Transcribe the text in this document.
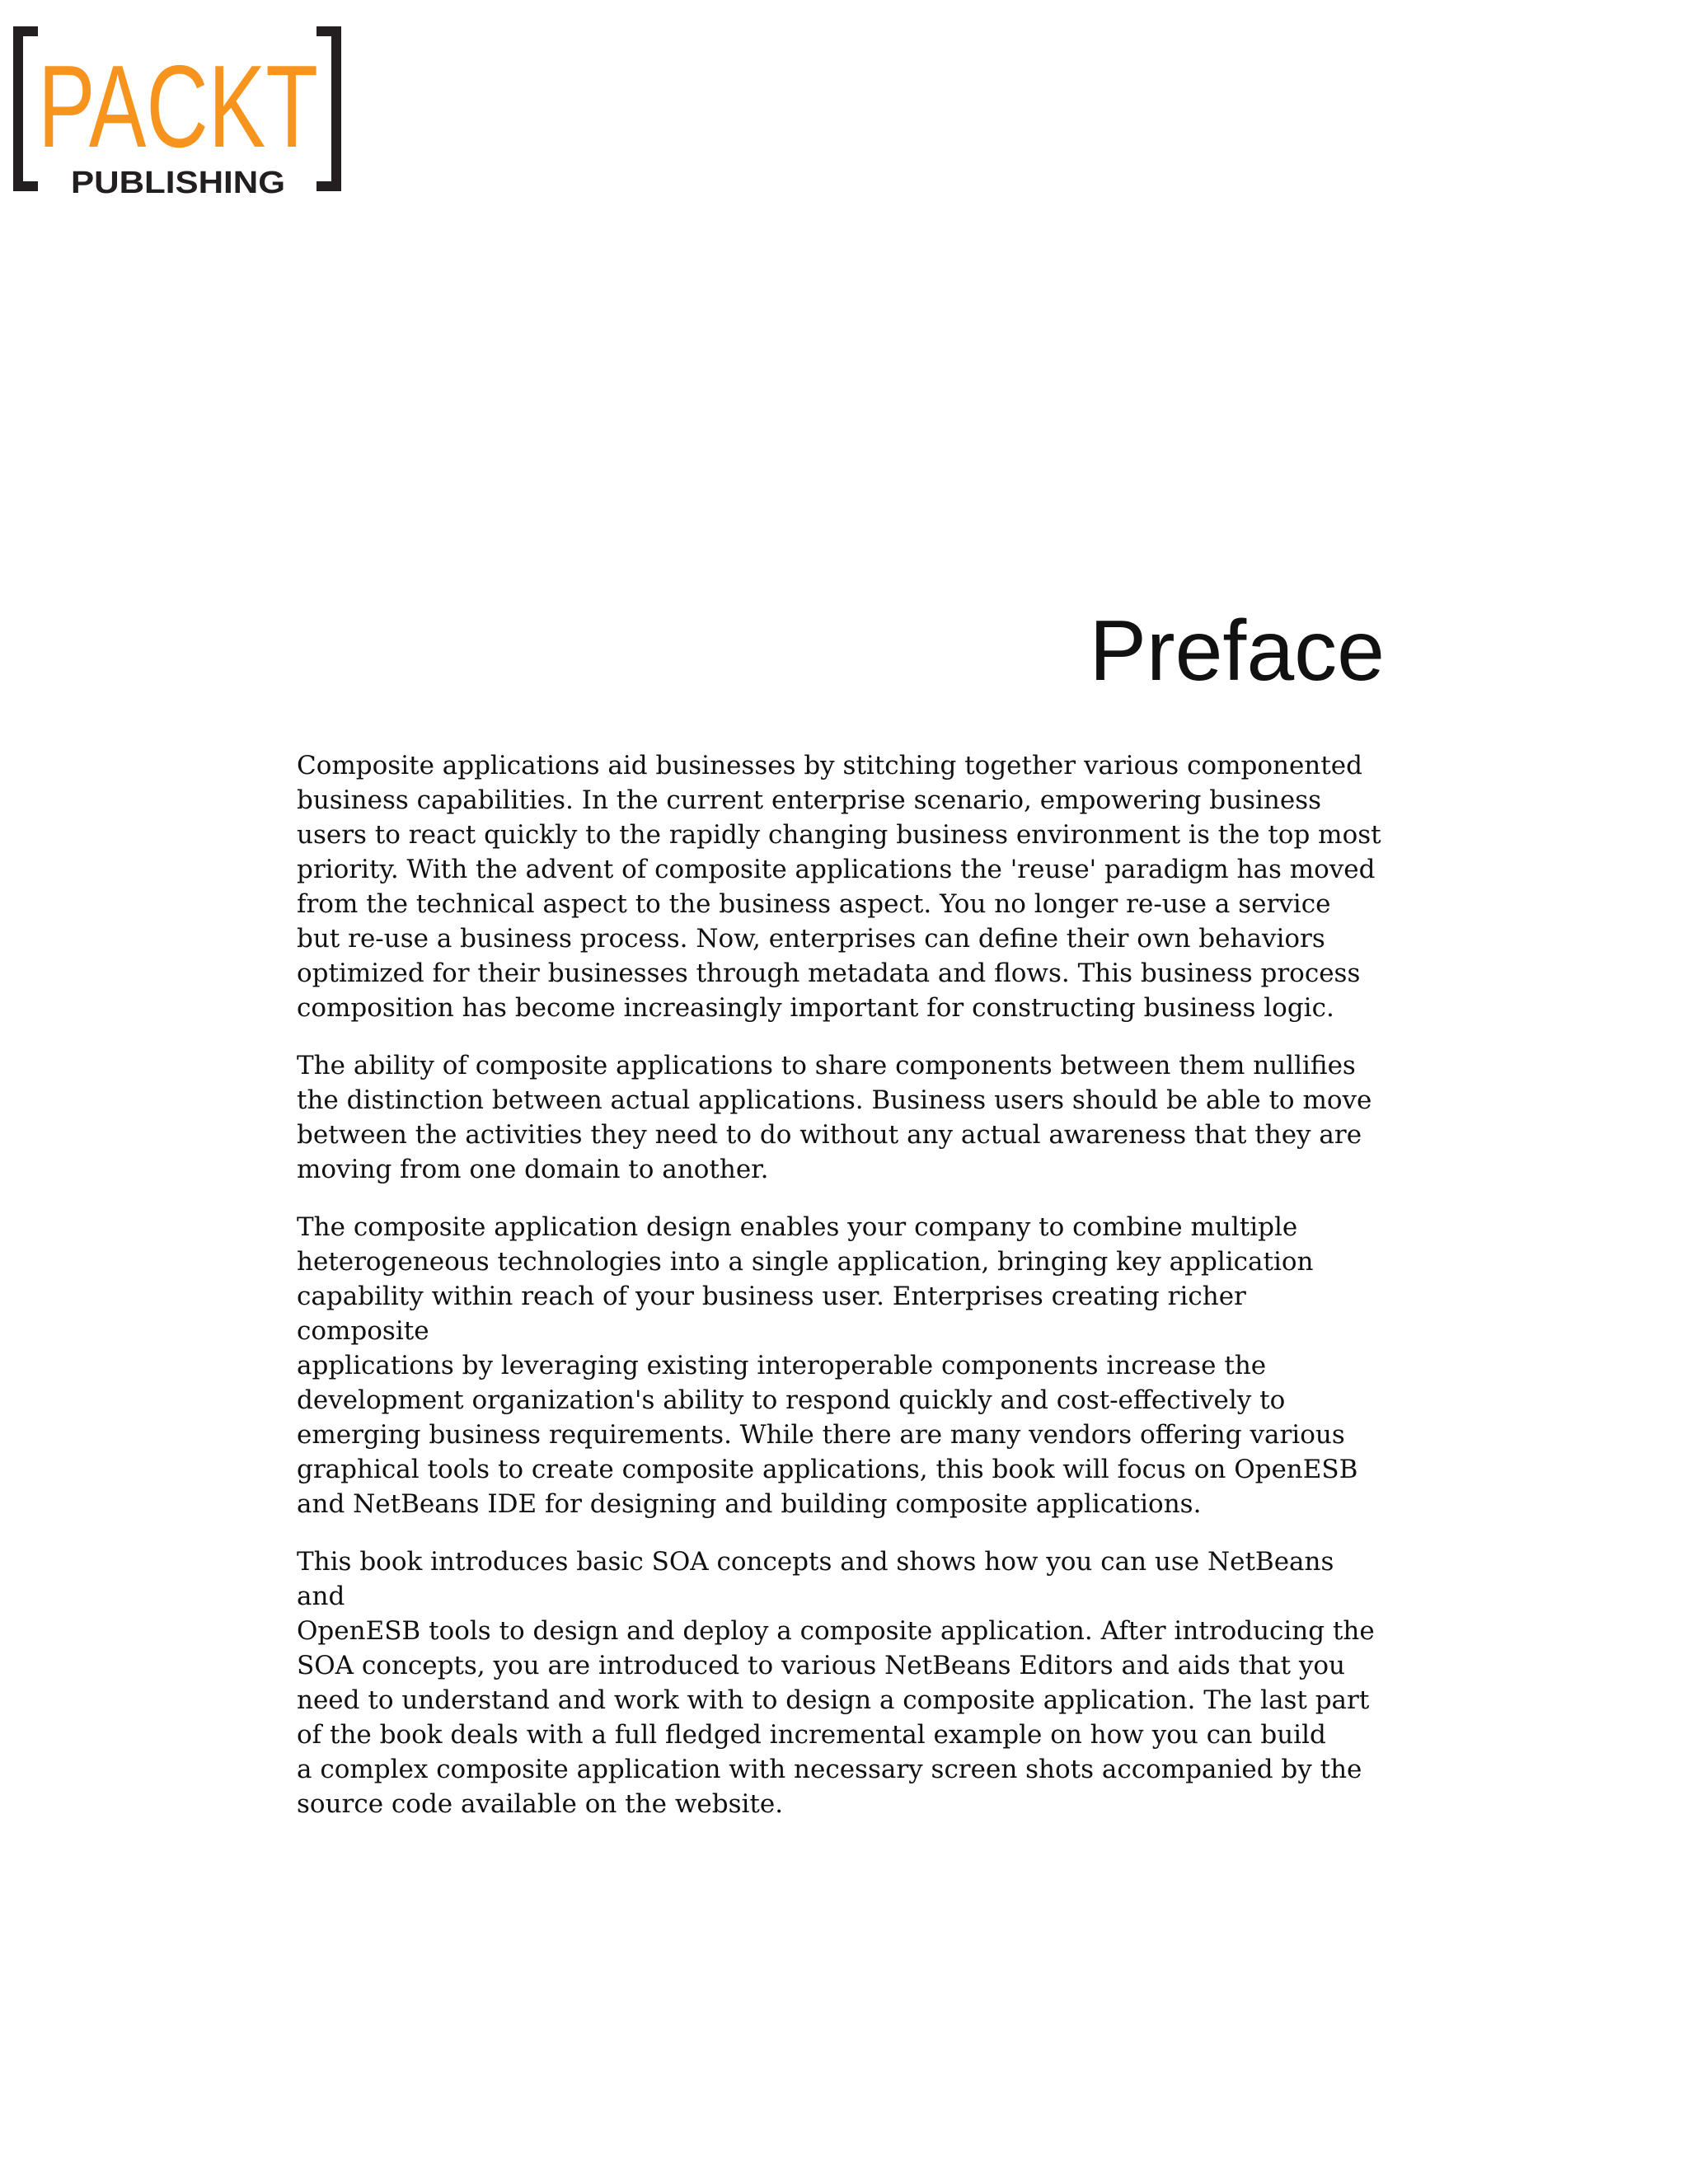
PACKT
PUBLISHING
Preface

Composite applications aid businesses by stitching together various componented
business capabilities. In the current enterprise scenario, empowering business
users to react quickly to the rapidly changing business environment is the top most
priority. With the advent of composite applications the 'reuse' paradigm has moved
from the technical aspect to the business aspect. You no longer re-use a service
but re-use a business process. Now, enterprises can define their own behaviors
optimized for their businesses through metadata and flows. This business process
composition has become increasingly important for constructing business logic.

The ability of composite applications to share components between them nullifies
the distinction between actual applications. Business users should be able to move
between the activities they need to do without any actual awareness that they are
moving from one domain to another.

The composite application design enables your company to combine multiple
heterogeneous technologies into a single application, bringing key application
capability within reach of your business user. Enterprises creating richer composite
applications by leveraging existing interoperable components increase the
development organization's ability to respond quickly and cost-effectively to
emerging business requirements. While there are many vendors offering various
graphical tools to create composite applications, this book will focus on OpenESB
and NetBeans IDE for designing and building composite applications.

This book introduces basic SOA concepts and shows how you can use NetBeans and
OpenESB tools to design and deploy a composite application. After introducing the
SOA concepts, you are introduced to various NetBeans Editors and aids that you
need to understand and work with to design a composite application. The last part
of the book deals with a full fledged incremental example on how you can build
a complex composite application with necessary screen shots accompanied by the
source code available on the website.
